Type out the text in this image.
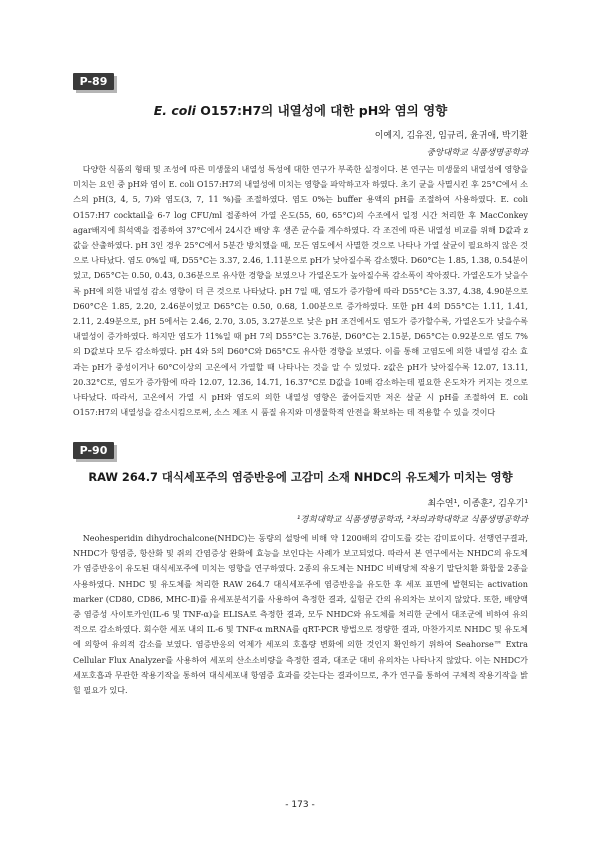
P-89
E. coli O157:H7의 내열성에 대한 pH와 염의 영향
이예지, 김유진, 임규리, 윤귀애, 박기환
중앙대학교 식품생명공학과

다양한 식품의 형태 및 조성에 따른 미생물의 내열성 특성에 대한 연구가 부족한 실정이다. 본 연구는 미생물의 내열성에 영향을 미치는 요인 중 pH와 염이 E. coli O157:H7의 내열성에 미치는 영향을 파악하고자 하였다. 초기 균을 사멸시킨 후 25°C에서 소스의 pH(3, 4, 5, 7)와 염도(3, 7, 11 %)를 조절하였다. 염도 0%는 buffer 용액의 pH를 조절하여 사용하였다. E. coli O157:H7 cocktail을 6-7 log CFU/ml 접종하여 가열 온도(55, 60, 65°C)의 수조에서 일정 시간 처리한 후 MacConkey agar배지에 희석액을 접종하여 37°C에서 24시간 배양 후 생존 균수를 계수하였다. 각 조건에 따른 내열성 비교를 위해 D값과 z값을 산출하였다. pH 3인 경우 25°C에서 5분간 방치했을 때, 모든 염도에서 사멸한 것으로 나타나 가열 살균이 필요하지 않은 것으로 나타났다. 염도 0%일 때, D55°C는 3.37, 2.46, 1.11분으로 pH가 낮아질수록 감소했다. D60°C는 1.85, 1.38, 0.54분이었고, D65°C는 0.50, 0.43, 0.36분으로 유사한 경향을 보였으나 가열온도가 높아질수록 감소폭이 작아졌다. 가열온도가 낮을수록 pH에 의한 내열성 감소 영향이 더 큰 것으로 나타났다. pH 7일 때, 염도가 증가함에 따라 D55°C는 3.37, 4.38, 4.90분으로 D60°C은 1.85, 2.20, 2.46분이었고 D65°C는 0.50, 0.68, 1.00분으로 증가하였다. 또한 pH 4의 D55°C는 1.11, 1.41, 2.11, 2.49분으로, pH 5에서는 2.46, 2.70, 3.05, 3.27분으로 낮은 pH 조건에서도 염도가 증가할수록, 가열온도가 낮을수록 내열성이 증가하였다. 하지만 염도가 11%일 때 pH 7의 D55°C는 3.76분, D60°C는 2.15분, D65°C는 0.92분으로 염도 7%의 D값보다 모두 감소하였다. pH 4와 5의 D60°C와 D65°C도 유사한 경향을 보였다. 이를 통해 고염도에 의한 내열성 감소 효과는 pH가 중성이거나 60°C이상의 고온에서 가열할 때 나타나는 것을 알 수 있었다. z값은 pH가 낮아질수록 12.07, 13.11, 20.32°C로, 염도가 증가함에 따라 12.07, 12.36, 14.71, 16.37°C로 D값을 10배 감소하는데 필요한 온도차가 커지는 것으로 나타났다. 따라서, 고온에서 가열 시 pH와 염도의 의한 내열성 영향은 줄어들지만 저온 살균 시 pH를 조절하여 E. coli O157:H7의 내열성을 감소시킴으로써, 소스 제조 시 품질 유지와 미생물학적 안전을 확보하는 데 적용할 수 있을 것이다

P-90
RAW 264.7 대식세포주의 염증반응에 고감미 소재 NHDC의 유도체가 미치는 영향
최수연¹, 이종훈², 김우기¹
¹경희대학교 식품생명공학과, ²차의과학대학교 식품생명공학과

Neohesperidin dihydrochalcone(NHDC)는 동량의 설탕에 비해 약 1200배의 감미도를 갖는 감미료이다. 선행연구결과, NHDC가 항염증, 항산화 및 쥐의 간염증상 완화에 효능을 보인다는 사례가 보고되었다. 따라서 본 연구에서는 NHDC의 유도체가 염증반응이 유도된 대식세포주에 미치는 영향을 연구하였다. 2종의 유도체는 NHDC 비배당체 작용기 말단치환 화합물 2종을 사용하였다. NHDC 및 유도체를 처리한 RAW 264.7 대식세포주에 염증반응을 유도한 후 세포 표면에 발현되는 activation marker (CD80, CD86, MHC-Ⅱ)를 유세포분석기를 사용하여 측정한 결과, 실험군 간의 유의차는 보이지 않았다. 또한, 배양액중 염증성 사이토카인(IL-6 및 TNF-α)을 ELISA로 측정한 결과, 모두 NHDC와 유도체를 처리한 군에서 대조군에 비하여 유의적으로 감소하였다. 회수한 세포 내의 IL-6 및 TNF-α mRNA를 qRT-PCR 방법으로 정량한 결과, 마찬가지로 NHDC 및 유도체에 의항여 유의적 감소를 보였다. 염증반응의 억제가 세포의 호흡량 변화에 의한 것인지 확인하기 위하여 Seahorse™ Extra Cellular Flux Analyzer를 사용하여 세포의 산소소비량을 측정한 결과, 대조군 대비 유의차는 나타나지 않았다. 이는 NHDC가 세포호흡과 무관한 작용기작을 통하여 대식세포내 항염증 효과를 갖는다는 결과이므로, 추가 연구를 통하여 구체적 작용기작을 밝힐 필요가 있다.

- 173 -
